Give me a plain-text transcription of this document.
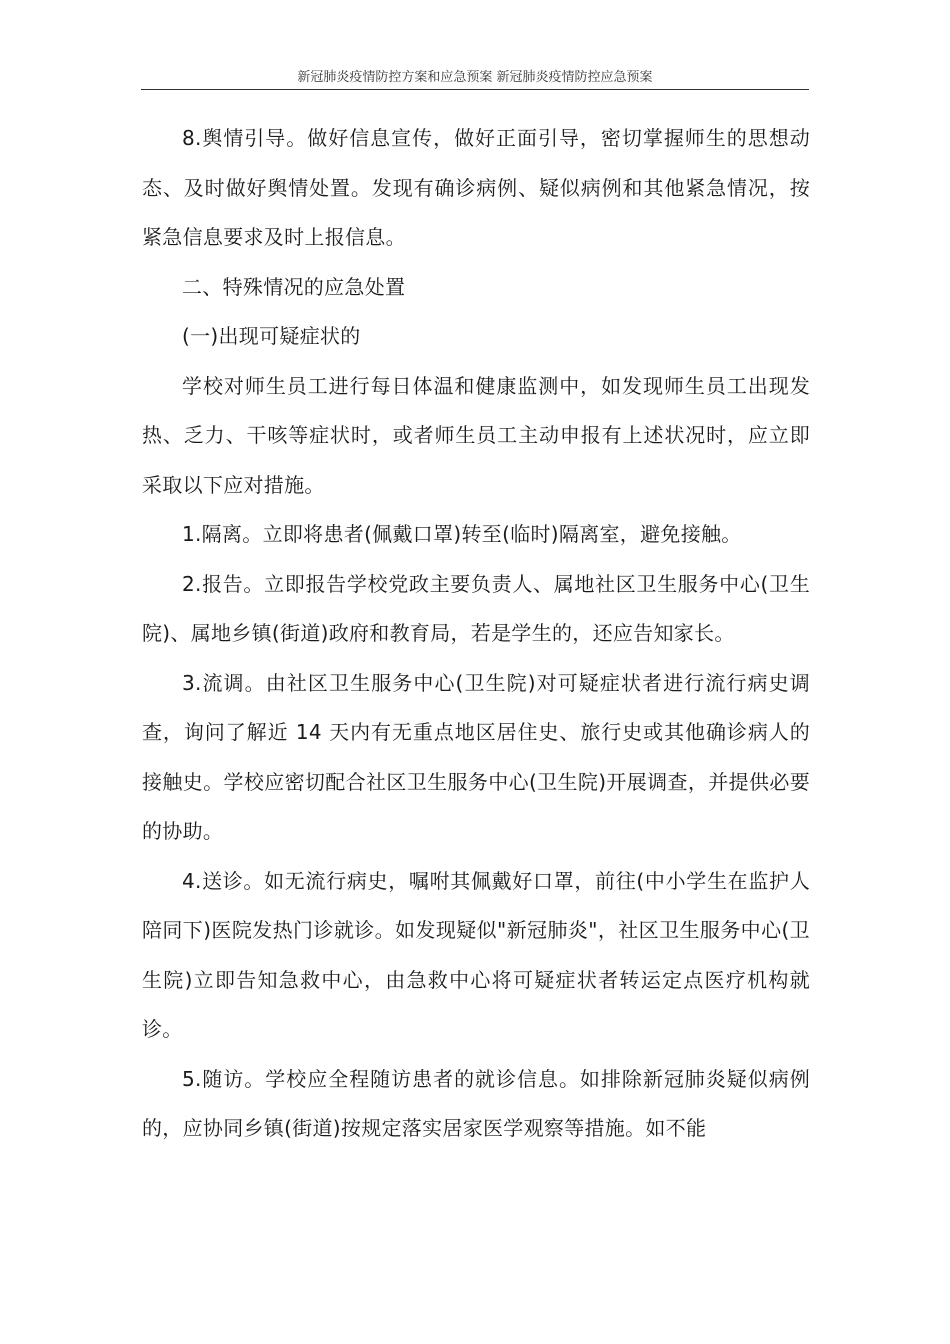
新冠肺炎疫情防控方案和应急预案 新冠肺炎疫情防控应急预案

8.舆情引导。做好信息宣传，做好正面引导，密切掌握师生的思想动态、及时做好舆情处置。发现有确诊病例、疑似病例和其他紧急情况，按紧急信息要求及时上报信息。

二、特殊情况的应急处置

(一)出现可疑症状的

学校对师生员工进行每日体温和健康监测中，如发现师生员工出现发热、乏力、干咳等症状时，或者师生员工主动申报有上述状况时，应立即采取以下应对措施。

1.隔离。立即将患者(佩戴口罩)转至(临时)隔离室，避免接触。

2.报告。立即报告学校党政主要负责人、属地社区卫生服务中心(卫生院)、属地乡镇(街道)政府和教育局，若是学生的，还应告知家长。

3.流调。由社区卫生服务中心(卫生院)对可疑症状者进行流行病史调查，询问了解近 14 天内有无重点地区居住史、旅行史或其他确诊病人的接触史。学校应密切配合社区卫生服务中心(卫生院)开展调查，并提供必要的协助。

4.送诊。如无流行病史，嘱咐其佩戴好口罩，前往(中小学生在监护人陪同下)医院发热门诊就诊。如发现疑似"新冠肺炎"，社区卫生服务中心(卫生院)立即告知急救中心，由急救中心将可疑症状者转运定点医疗机构就诊。

5.随访。学校应全程随访患者的就诊信息。如排除新冠肺炎疑似病例的，应协同乡镇(街道)按规定落实居家医学观察等措施。如不能
